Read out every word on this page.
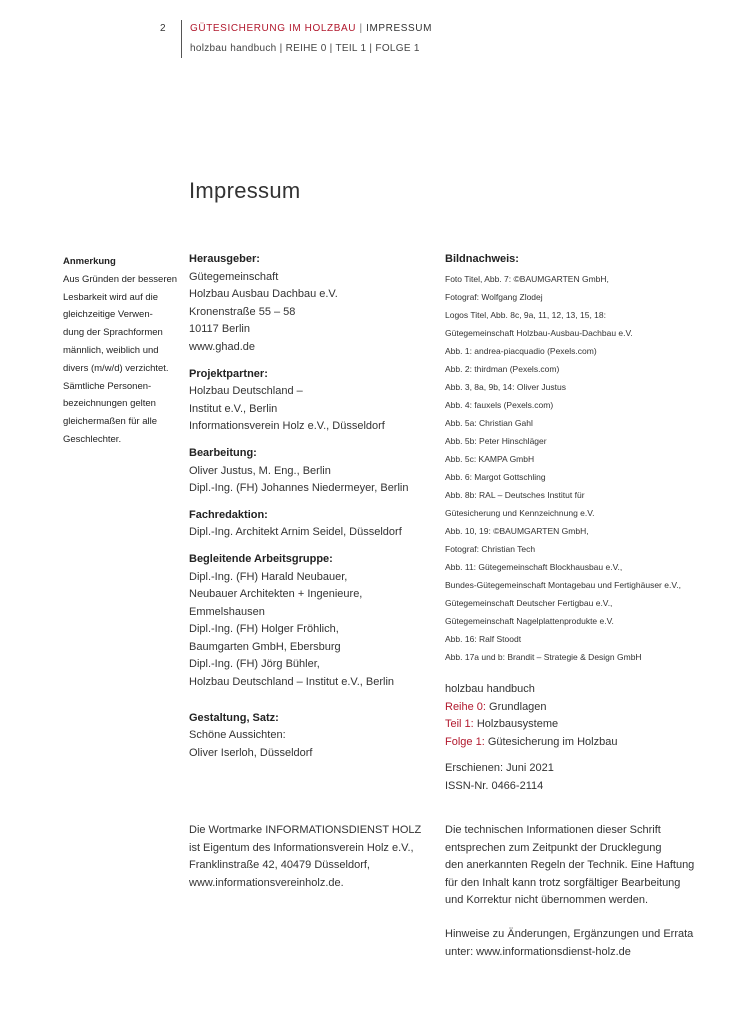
2 GÜTESICHERUNG IM HOLZBAU | IMPRESSUM
holzbau handbuch | REIHE 0 | TEIL 1 | FOLGE 1
Impressum
Anmerkung
Aus Gründen der besseren
Lesbarkeit wird auf die
gleichzeitige Verwen-
dung der Sprachformen
männlich, weiblich und
divers (m/w/d) verzichtet.
Sämtliche Personen-
bezeichnungen gelten
gleichermaßen für alle
Geschlechter.
Herausgeber:
Gütegemeinschaft
Holzbau Ausbau Dachbau e.V.
Kronenstraße 55 – 58
10117 Berlin
www.ghad.de
Projektpartner:
Holzbau Deutschland –
Institut e.V., Berlin
Informationsverein Holz e.V., Düsseldorf
Bearbeitung:
Oliver Justus, M. Eng., Berlin
Dipl.-Ing. (FH) Johannes Niedermeyer, Berlin
Fachredaktion:
Dipl.-Ing. Architekt Arnim Seidel, Düsseldorf
Begleitende Arbeitsgruppe:
Dipl.-Ing. (FH) Harald Neubauer,
Neubauer Architekten + Ingenieure,
Emmelshausen
Dipl.-Ing. (FH) Holger Fröhlich,
Baumgarten GmbH, Ebersburg
Dipl.-Ing. (FH) Jörg Bühler,
Holzbau Deutschland – Institut e.V., Berlin
Gestaltung, Satz:
Schöne Aussichten:
Oliver Iserloh, Düsseldorf
Bildnachweis:
Foto Titel, Abb. 7: ©BAUMGARTEN GmbH,
Fotograf: Wolfgang Zlodej
Logos Titel, Abb. 8c, 9a, 11, 12, 13, 15, 18:
Gütegemeinschaft Holzbau-Ausbau-Dachbau e.V.
Abb. 1: andrea-piacquadio (Pexels.com)
Abb. 2: thirdman (Pexels.com)
Abb. 3, 8a, 9b, 14: Oliver Justus
Abb. 4: fauxels (Pexels.com)
Abb. 5a: Christian Gahl
Abb. 5b: Peter Hinschläger
Abb. 5c: KAMPA GmbH
Abb. 6: Margot Gottschling
Abb. 8b: RAL – Deutsches Institut für
Gütesicherung und Kennzeichnung e.V.
Abb. 10, 19: ©BAUMGARTEN GmbH,
Fotograf: Christian Tech
Abb. 11: Gütegemeinschaft Blockhausbau e.V.,
Bundes-Gütegemeinschaft Montagebau und Fertighäuser e.V.,
Gütegemeinschaft Deutscher Fertigbau e.V.,
Gütegemeinschaft Nagelplattenprodukte e.V.
Abb. 16: Ralf Stoodt
Abb. 17a und b: Brandit – Strategie & Design GmbH
holzbau handbuch
Reihe 0: Grundlagen
Teil 1: Holzbausysteme
Folge 1: Gütesicherung im Holzbau
Erschienen: Juni 2021
ISSN-Nr. 0466-2114
Die Wortmarke INFORMATIONSDIENST HOLZ
ist Eigentum des Informationsverein Holz e.V.,
Franklinstraße 42, 40479 Düsseldorf,
www.informationsvereinholz.de.
Die technischen Informationen dieser Schrift
entsprechen zum Zeitpunkt der Drucklegung
den anerkannten Regeln der Technik. Eine Haftung
für den Inhalt kann trotz sorgfältiger Bearbeitung
und Korrektur nicht übernommen werden.
Hinweise zu Änderungen, Ergänzungen und Errata
unter: www.informationsdienst-holz.de
